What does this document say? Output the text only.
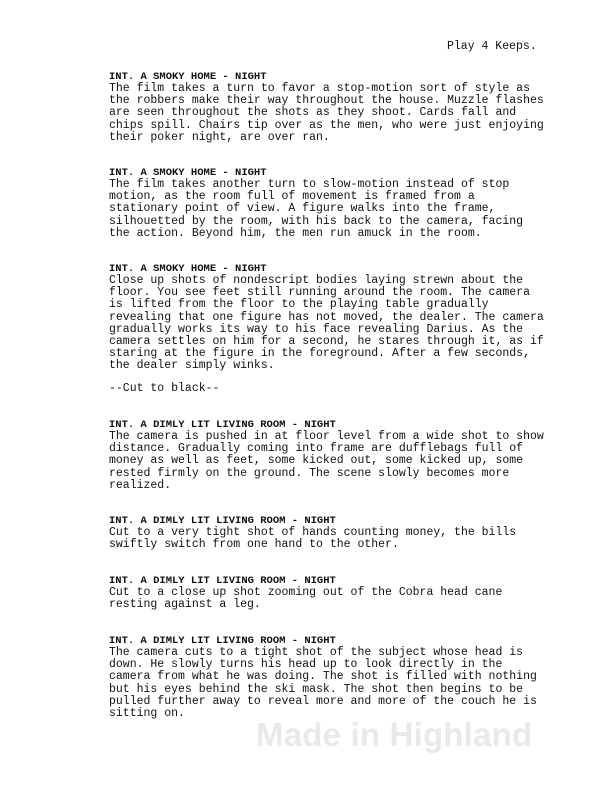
Play 4 Keeps.
INT. A SMOKY HOME - NIGHT
The film takes a turn to favor a stop-motion sort of style as
the robbers make their way throughout the house. Muzzle flashes
are seen throughout the shots as they shoot. Cards fall and
chips spill. Chairs tip over as the men, who were just enjoying
their poker night, are over ran.
INT. A SMOKY HOME - NIGHT
The film takes another turn to slow-motion instead of stop
motion, as the room full of movement is framed from a
stationary point of view. A figure walks into the frame,
silhouetted by the room, with his back to the camera, facing
the action. Beyond him, the men run amuck in the room.
INT. A SMOKY HOME - NIGHT
Close up shots of nondescript bodies laying strewn about the
floor. You see feet still running around the room. The camera
is lifted from the floor to the playing table gradually
revealing that one figure has not moved, the dealer. The camera
gradually works its way to his face revealing Darius. As the
camera settles on him for a second, he stares through it, as if
staring at the figure in the foreground. After a few seconds,
the dealer simply winks.
--Cut to black--
INT. A DIMLY LIT LIVING ROOM - NIGHT
The camera is pushed in at floor level from a wide shot to show
distance. Gradually coming into frame are dufflebags full of
money as well as feet, some kicked out, some kicked up, some
rested firmly on the ground. The scene slowly becomes more
realized.
INT. A DIMLY LIT LIVING ROOM - NIGHT
Cut to a very tight shot of hands counting money, the bills
swiftly switch from one hand to the other.
INT. A DIMLY LIT LIVING ROOM - NIGHT
Cut to a close up shot zooming out of the Cobra head cane
resting against a leg.
INT. A DIMLY LIT LIVING ROOM - NIGHT
The camera cuts to a tight shot of the subject whose head is
down. He slowly turns his head up to look directly in the
camera from what he was doing. The shot is filled with nothing
but his eyes behind the ski mask. The shot then begins to be
pulled further away to reveal more and more of the couch he is
sitting on.
Made in Highland
